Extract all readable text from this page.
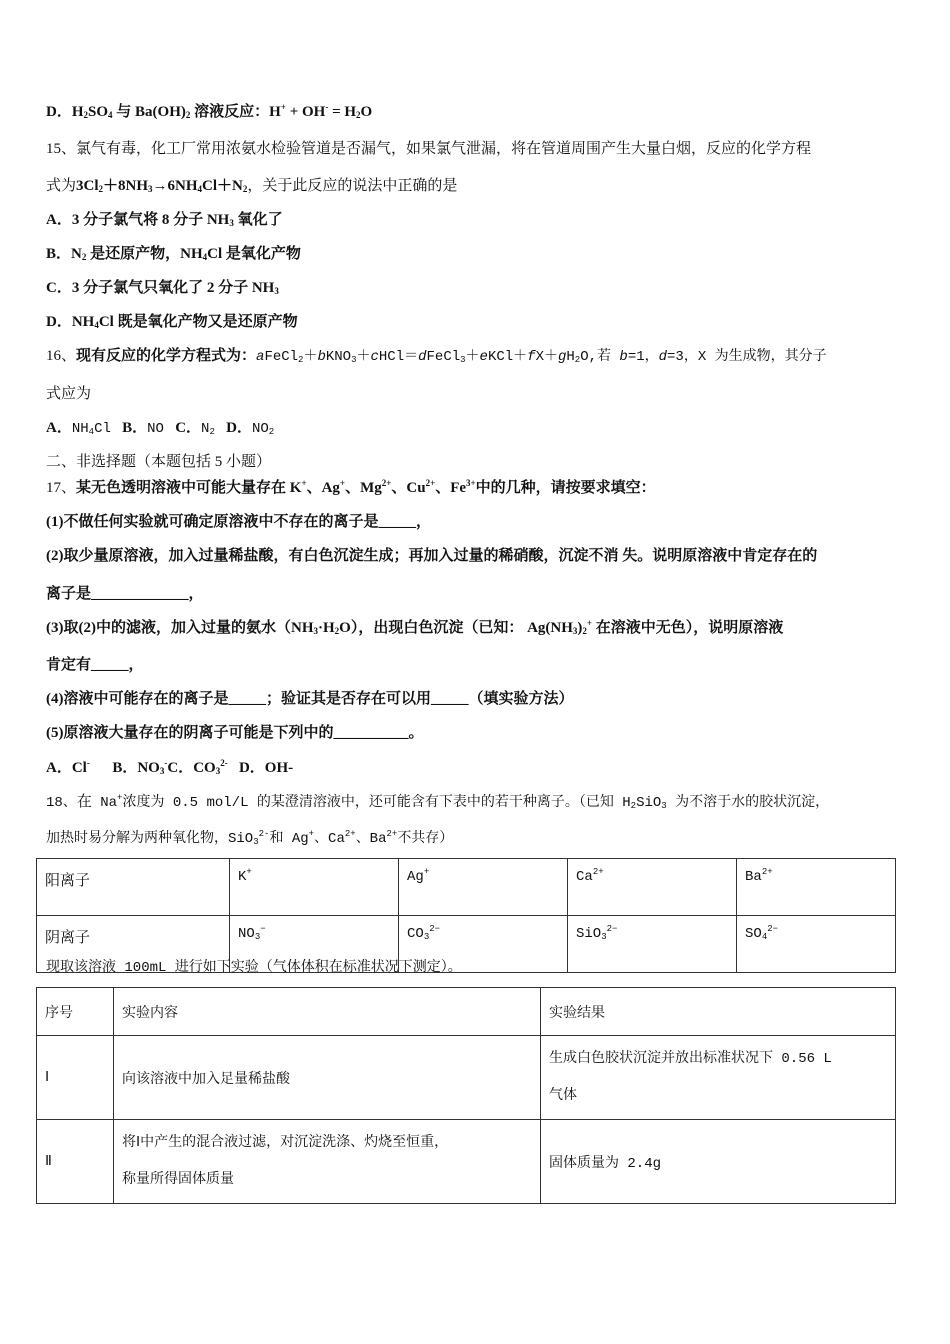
D．$H_2SO_4$ 与 $Ba(OH)_2$ 溶液反应：$H^+ + OH^- = H_2O$
15、氯气有毒，化工厂常用浓氨水检验管道是否漏气，如果氯气泄漏，将在管道周围产生大量白烟，反应的化学方程
式为$3Cl_2+8NH_3\to 6NH_4Cl+N_2$，关于此反应的说法中正确的是
A．3 分子氯气将 8 分子 $NH_3$ 氧化了
B．$N_2$ 是还原产物，$NH_4Cl$ 是氧化产物
C．3 分子氯气只氧化了 2 分子 $NH_3$
D．$NH_4Cl$ 既是氧化产物又是还原产物
16、现有反应的化学方程式为：$aFeCl_2+bKNO_3+cHCl=dFeCl_3+eKCl+fX+gH_2O$,若 b=1，d=3，X 为生成物，其分子
式应为
A．$NH_4Cl$ B．NO C．$N_2$ D．$NO_2$
二、非选择题（本题包括 5 小题）
17、某无色透明溶液中可能大量存在 K+、Ag+、$Mg^{2+}$、$Cu^{2+}$、$Fe^{3+}$中的几种，请按要求填空：
(1)不做任何实验就可确定原溶液中不存在的离子是_____，
(2)取少量原溶液，加入过量稀盐酸，有白色沉淀生成；再加入过量的稀硝酸，沉淀不消 失。说明原溶液中肯定存在的
离子是_____________，
(3)取(2)中的滤液，加入过量的氨水$(NH_3\cdot H_2O)$，出现白色沉淀（已知： $Ag(NH_3)_2^+$ 在溶液中无色），说明原溶液
肯定有_____，
(4)溶液中可能存在的离子是_____；验证其是否存在可以用_____（填实验方法）
(5)原溶液大量存在的阴离子可能是下列中的__________。
A．Cl-      B．$NO_3^-C$．$CO_3^{2-}$   D．OH-
18、在 Na+浓度为 0.5 mol/L 的某澄清溶液中，还可能含有下表中的若干种离子。（已知 $H_2SiO_3$ 为不溶于水的胶状沉淀，
加热时易分解为两种氧化物，SiO$_3^{2-}$和 Ag+、$Ca^{2+}$、$Ba^{2+}$不共存）
阳离子	K+	Ag+	$Ca^{2+}$	$Ba^{2+}$
阴离子	$NO_3^-$	$CO_3^{2-}$	SiO$_3^{2-}$	$SO_4^{2-}$
现取该溶液 100mL 进行如下实验（气体体积在标准状况下测定）。
序号	实验内容	实验结果
Ⅰ	向该溶液中加入足量稀盐酸	生成白色胶状沉淀并放出标准状况下 0.56 L
气体

Ⅱ	将Ⅰ中产生的混合液过滤，对沉淀洗涤、灼烧至恒重，
称量所得固体质量	固体质量为 2.4g
